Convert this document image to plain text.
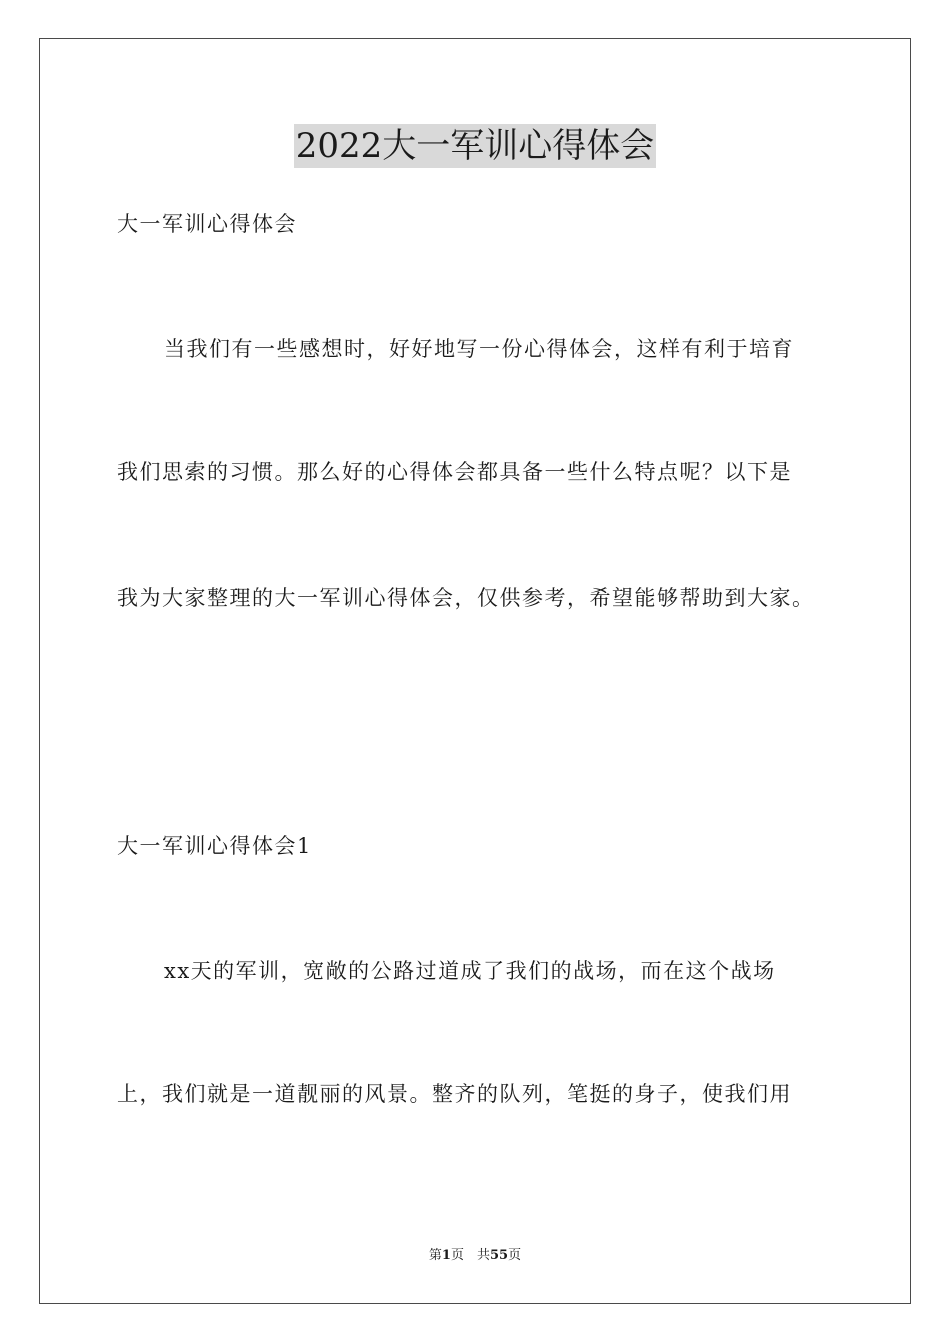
2022大一军训心得体会
大一军训心得体会
当我们有一些感想时，好好地写一份心得体会，这样有利于培育
我们思索的习惯。那么好的心得体会都具备一些什么特点呢？以下是
我为大家整理的大一军训心得体会，仅供参考，希望能够帮助到大家。
大一军训心得体会1
xx天的军训，宽敞的公路过道成了我们的战场，而在这个战场
上，我们就是一道靓丽的风景。整齐的队列，笔挺的身子，使我们用
第1页　共55页
